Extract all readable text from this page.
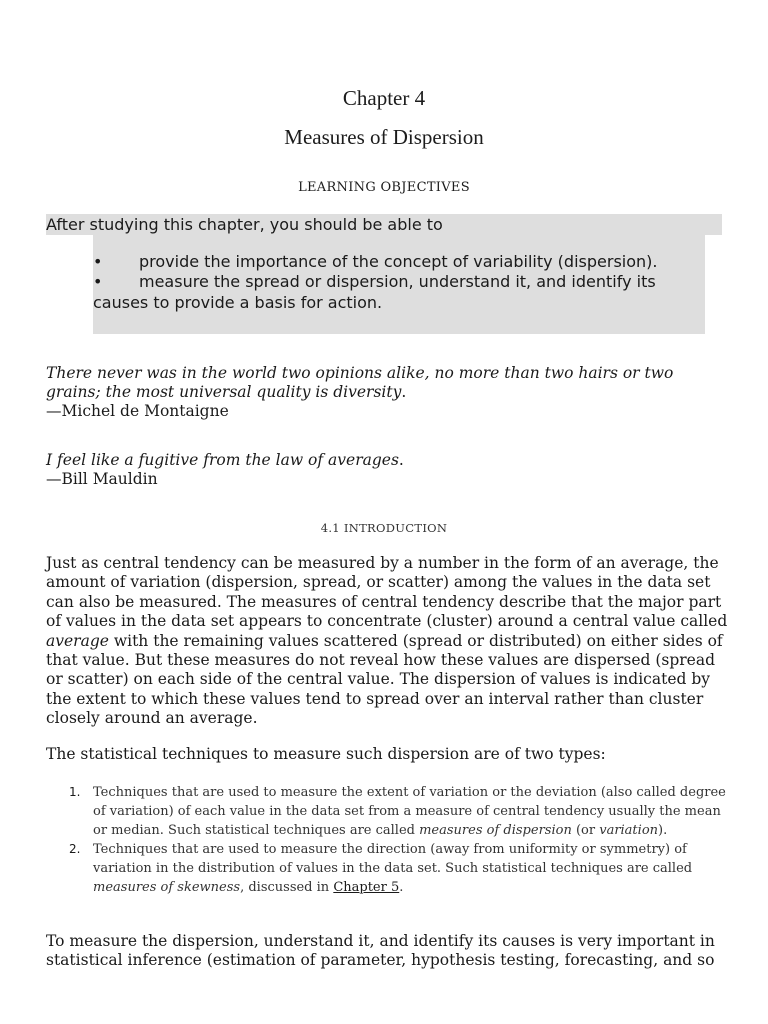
Chapter 4
Measures of Dispersion
LEARNING OBJECTIVES
After studying this chapter, you should be able to
• provide the importance of the concept of variability (dispersion).
• measure the spread or dispersion, understand it, and identify its causes to provide a basis for action.
There never was in the world two opinions alike, no more than two hairs or two grains; the most universal quality is diversity.
—Michel de Montaigne
I feel like a fugitive from the law of averages.
—Bill Mauldin
4.1 INTRODUCTION
Just as central tendency can be measured by a number in the form of an average, the amount of variation (dispersion, spread, or scatter) among the values in the data set can also be measured. The measures of central tendency describe that the major part of values in the data set appears to concentrate (cluster) around a central value called average with the remaining values scattered (spread or distributed) on either sides of that value. But these measures do not reveal how these values are dispersed (spread or scatter) on each side of the central value. The dispersion of values is indicated by the extent to which these values tend to spread over an interval rather than cluster closely around an average.
The statistical techniques to measure such dispersion are of two types:
1. Techniques that are used to measure the extent of variation or the deviation (also called degree of variation) of each value in the data set from a measure of central tendency usually the mean or median. Such statistical techniques are called measures of dispersion (or variation).
2. Techniques that are used to measure the direction (away from uniformity or symmetry) of variation in the distribution of values in the data set. Such statistical techniques are called measures of skewness, discussed in Chapter 5.
To measure the dispersion, understand it, and identify its causes is very important in statistical inference (estimation of parameter, hypothesis testing, forecasting, and so
